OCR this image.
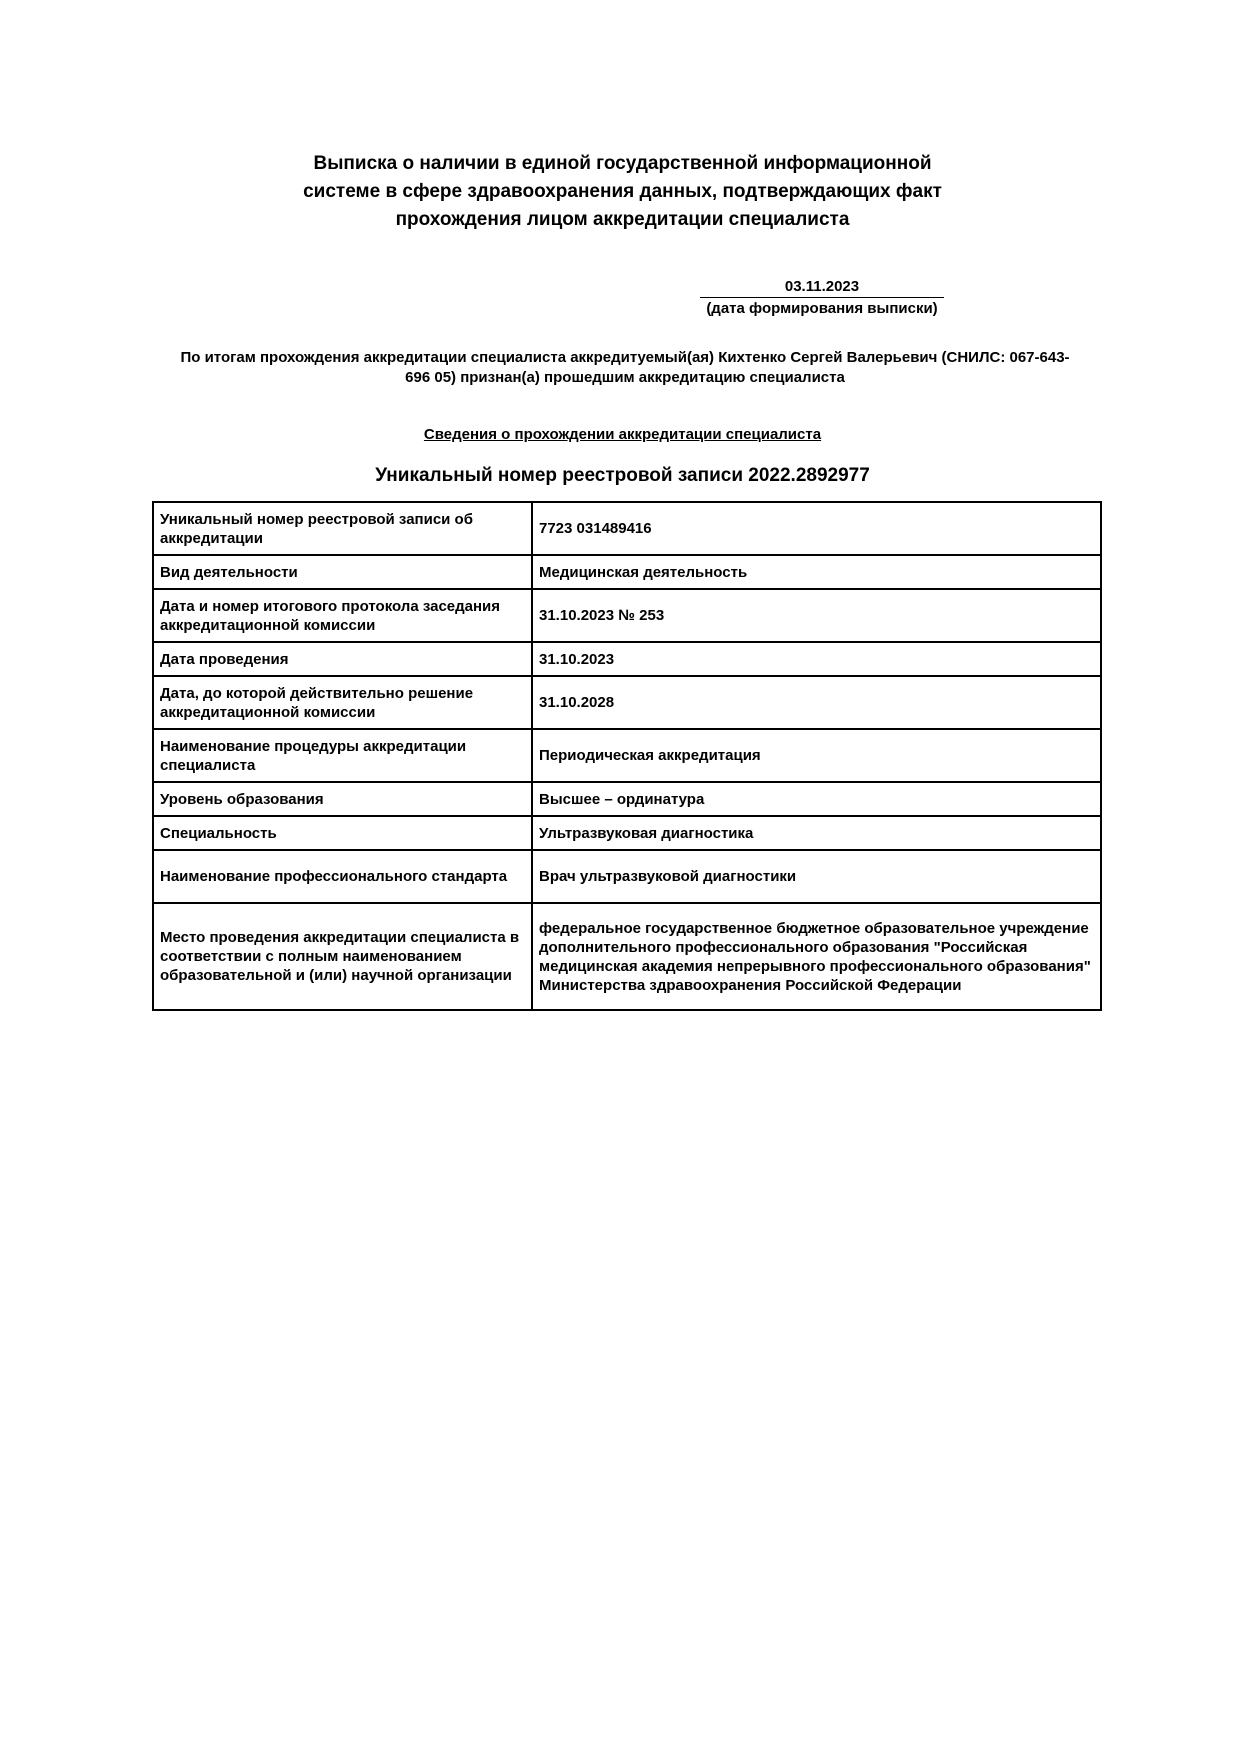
Выписка о наличии в единой государственной информационной
системе в сфере здравоохранения данных, подтверждающих факт
прохождения лицом аккредитации специалиста
03.11.2023
(дата формирования выписки)
По итогам прохождения аккредитации специалиста аккредитуемый(ая) Кихтенко Сергей Валерьевич (СНИЛС: 067-643-
696 05) признан(а) прошедшим аккредитацию специалиста
Сведения о прохождении аккредитации специалиста
Уникальный номер реестровой записи 2022.2892977
Уникальный номер реестровой записи об аккредитации	7723 031489416
Вид деятельности	Медицинская деятельность
Дата и номер итогового протокола заседания аккредитационной комиссии	31.10.2023 № 253
Дата проведения	31.10.2023
Дата, до которой действительно решение аккредитационной комиссии	31.10.2028
Наименование процедуры аккредитации специалиста	Периодическая аккредитация
Уровень образования	Высшее – ординатура
Специальность	Ультразвуковая диагностика
Наименование профессионального стандарта	Врач ультразвуковой диагностики
Место проведения аккредитации специалиста в соответствии с полным наименованием образовательной и (или) научной организации	федеральное государственное бюджетное образовательное учреждение дополнительного профессионального образования "Российская медицинская академия непрерывного профессионального образования" Министерства здравоохранения Российской Федерации
